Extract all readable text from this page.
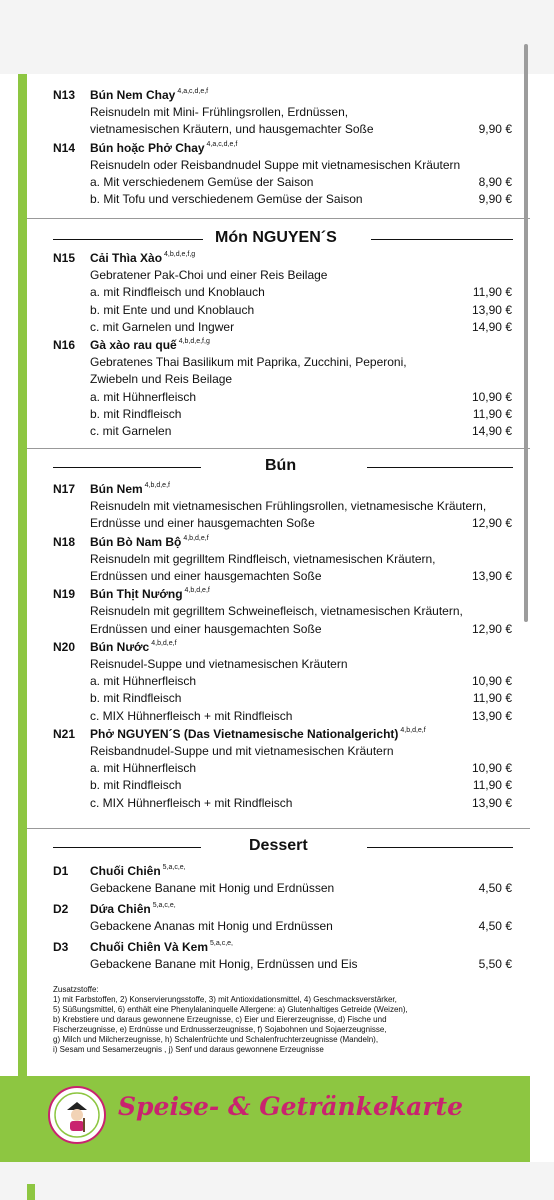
Món NGUYEN´S
Bún
Dessert
Zusatzstoffe:
1) mit Farbstoffen, 2) Konservierungsstoffe, 3) mit Antioxidationsmittel, 4) Geschmacksverstärker,
5) Süßungsmittel, 6) enthält eine Phenylalaninquelle Allergene: a) Glutenhaltiges Getreide (Weizen),
b) Krebstiere und daraus gewonnene Erzeugnisse, c) Eier und Eiererzeugnisse, d) Fische und
Fischerzeugnisse, e) Erdnüsse und Erdnusserzeugnisse, f) Sojabohnen und Sojaerzeugnisse,
g) Milch und Milcherzeugnisse, h) Schalenfrüchte und Schalenfruchterzeugnisse (Mandeln),
i) Sesam und Sesamerzeugnis , j) Senf und daraus gewonnene Erzeugnisse
N13 Bún Nem Chay $^{4,a,c,d,e,f}$
Reisnudeln mit Mini- Frühlingsrollen, Erdnüssen,
vietnamesischen Kräutern, und hausgemachter Soße	9,90 €
N14 Bún hoặc Phở Chay $^{4,a,c,d,e,f}$
Reisnudeln oder Reisbandnudel Suppe mit vietnamesischen Kräutern
a. Mit verschiedenem Gemüse der Saison	8,90 €
b. Mit Tofu und verschiedenem Gemüse der Saison	9,90 €
N15 Cải Thìa Xào $^{4,b,d,e,f,g}$
Gebratener Pak-Choi und einer Reis Beilage
a. mit Rindfleisch und Knoblauch	11,90 €
b. mit Ente und und Knoblauch	13,90 €
c. mit Garnelen und Ingwer	14,90 €
N16 Gà xào rau quế $^{4,b,d,e,f,g}$
Gebratenes Thai Basilikum mit Paprika, Zucchini, Peperoni,
Zwiebeln und Reis Beilage
a. mit Hühnerfleisch	10,90 €
b. mit Rindfleisch	11,90 €
c. mit Garnelen	14,90 €
N17 Bún Nem $^{4,b,d,e,f}$
Reisnudeln mit vietnamesischen Frühlingsrollen, vietnamesische Kräutern,
Erdnüsse und einer hausgemachten Soße	12,90 €
N18 Bún Bò Nam Bộ $^{4,b,d,e,f}$
Reisnudeln mit gegrilltem Rindfleisch, vietnamesischen Kräutern,
Erdnüssen und einer hausgemachten Soße	13,90 €
N19 Bún Thịt Nướng $^{4,b,d,e,f}$
Reisnudeln mit gegrilltem Schweinefleisch, vietnamesischen Kräutern,
Erdnüssen und einer hausgemachten Soße	12,90 €
N20 Bún Nước $^{4,b,d,e,f}$
Reisnudel-Suppe und vietnamesischen Kräutern
a. mit Hühnerfleisch	10,90 €
b. mit Rindfleisch	11,90 €
c. MIX Hühnerfleisch + mit Rindfleisch	13,90 €
N21 Phở NGUYEN´S (Das Vietnamesische Nationalgericht) $^{4,b,d,e,f}$
Reisbandnudel-Suppe und mit vietnamesischen Kräutern
a. mit Hühnerfleisch	10,90 €
b. mit Rindfleisch	11,90 €
c. MIX Hühnerfleisch + mit Rindfleisch	13,90 €
D1 Chuối Chiên $^{5,a,c,e,}$
Gebackene Banane mit Honig und Erdnüssen	4,50 €
D2 Dứa Chiên $^{5,a,c,e,}$
Gebackene Ananas mit Honig und Erdnüssen	4,50 €
D3 Chuối Chiên Và Kem $^{5,a,c,e,}$
Gebackene Banane mit Honig, Erdnüssen und Eis	5,50 €
Speise- & Getränkekarte
